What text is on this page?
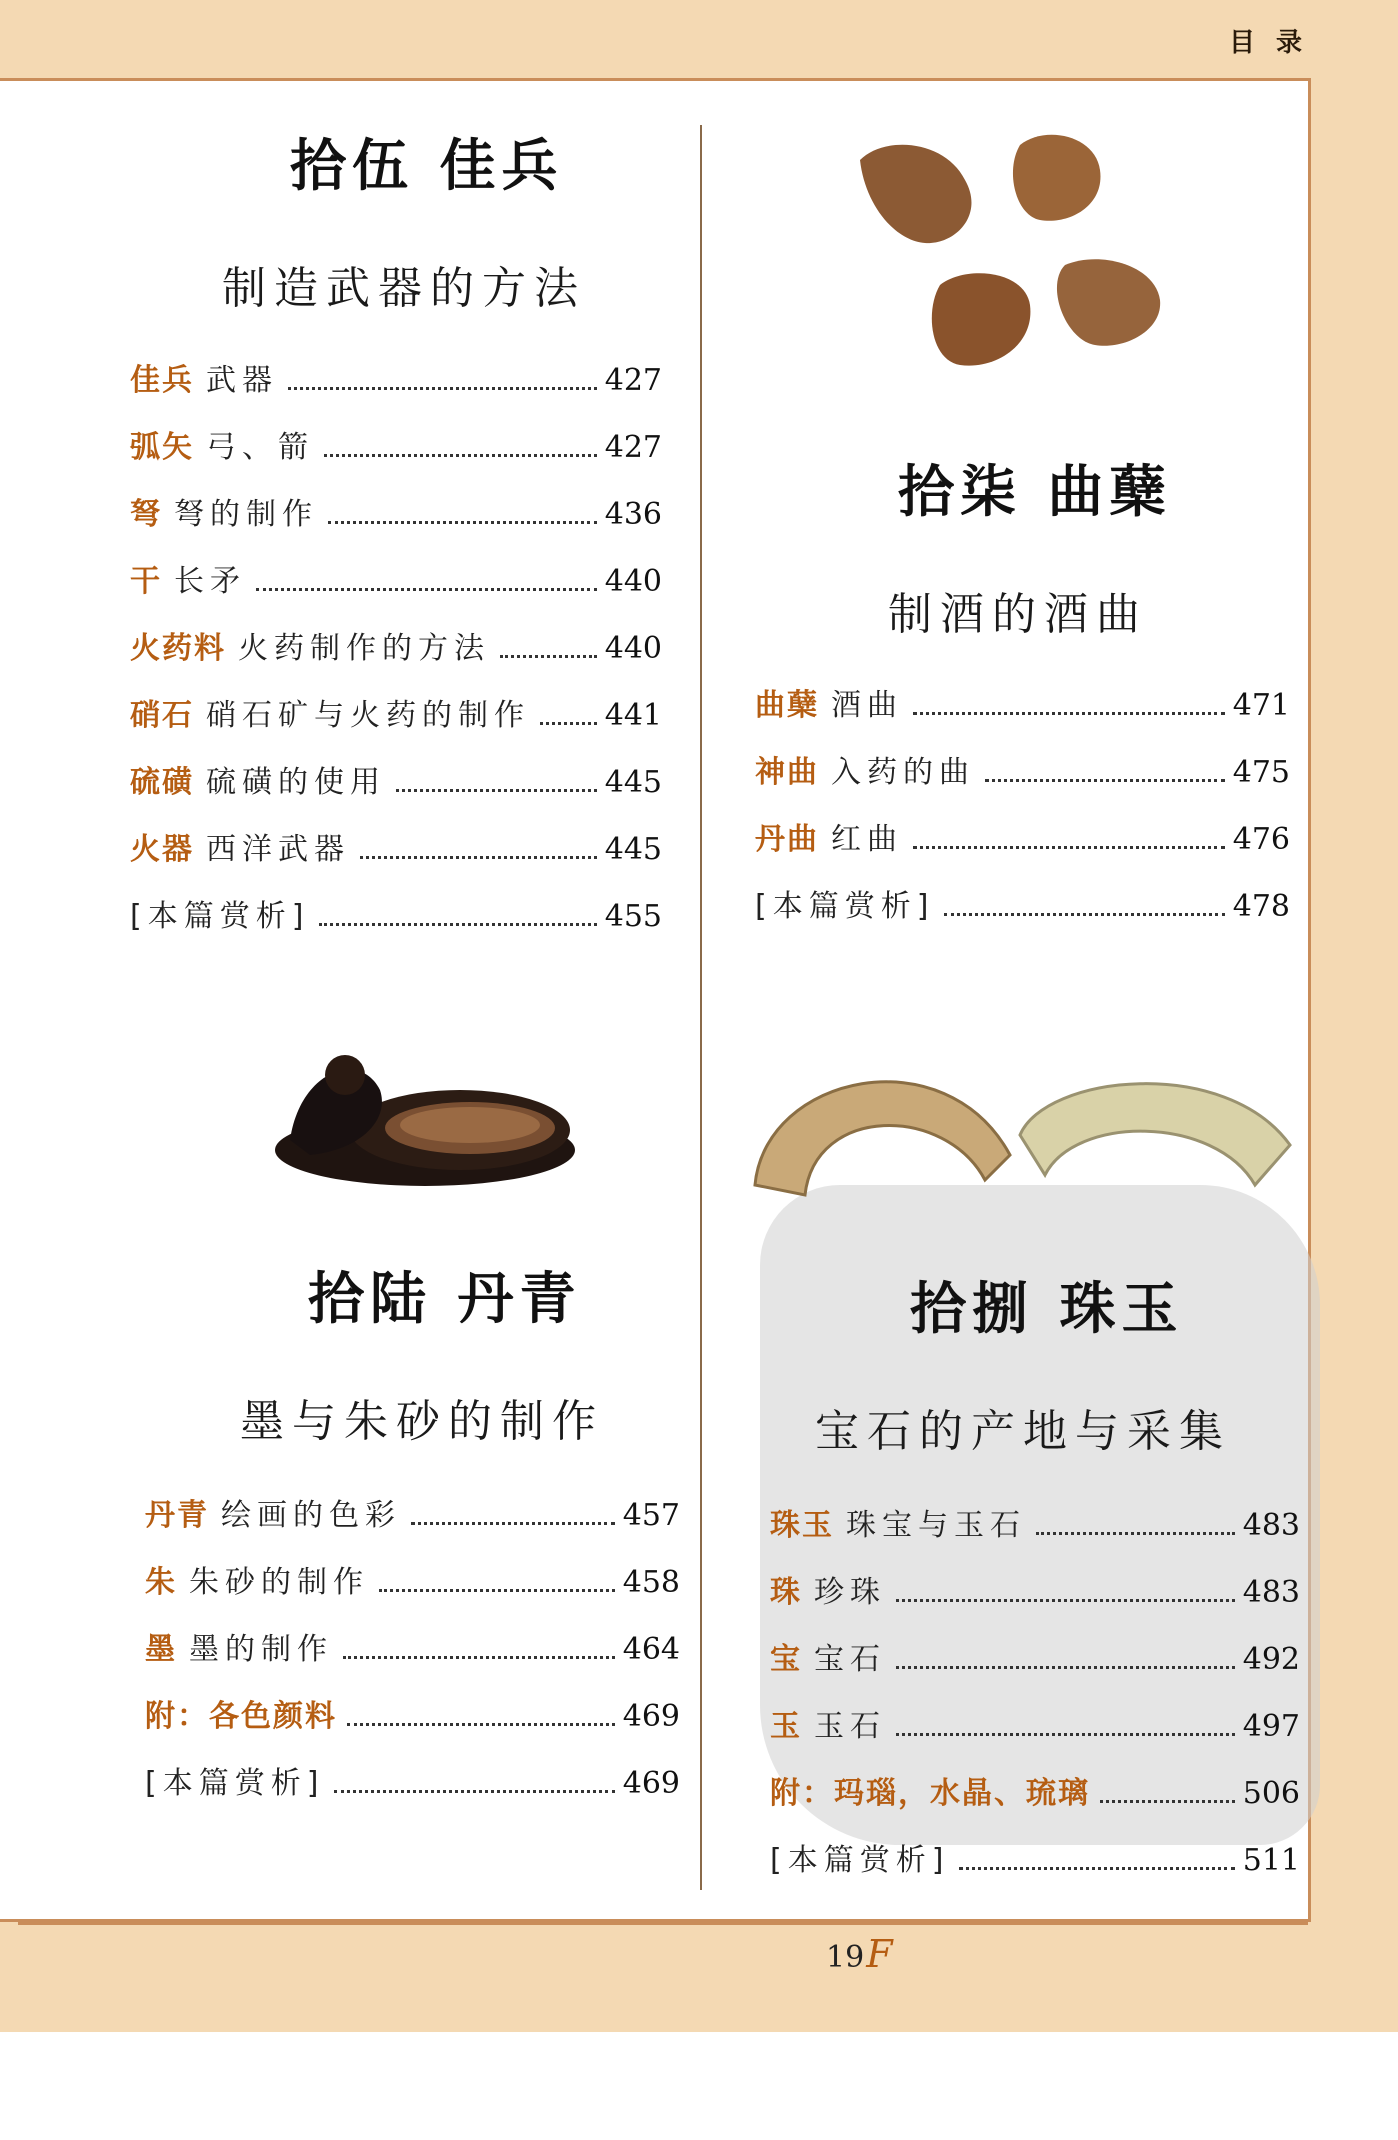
目 录
拾伍 佳兵
制造武器的方法
佳兵 武器	427
弧矢 弓、箭	427
弩 弩的制作	436
干 长矛	440
火药料 火药制作的方法	440
硝石 硝石矿与火药的制作 441
硫磺 硫磺的使用	445
火器 西洋武器	445
[本篇赏析]	455
拾陆 丹青
墨与朱砂的制作
丹青 绘画的色彩	457
朱 朱砂的制作	458
墨 墨的制作	464
附：各色颜料	469
[本篇赏析]	469
拾柒 曲蘖
制酒的酒曲
曲蘖 酒曲	471
神曲 入药的曲	475
丹曲 红曲	476
[本篇赏析]	478
拾捌 珠玉
宝石的产地与采集
珠玉 珠宝与玉石	483
珠 珍珠	483
宝 宝石	492
玉 玉石	497
附：玛瑙，水晶、琉璃	506
[本篇赏析]	511
19F
